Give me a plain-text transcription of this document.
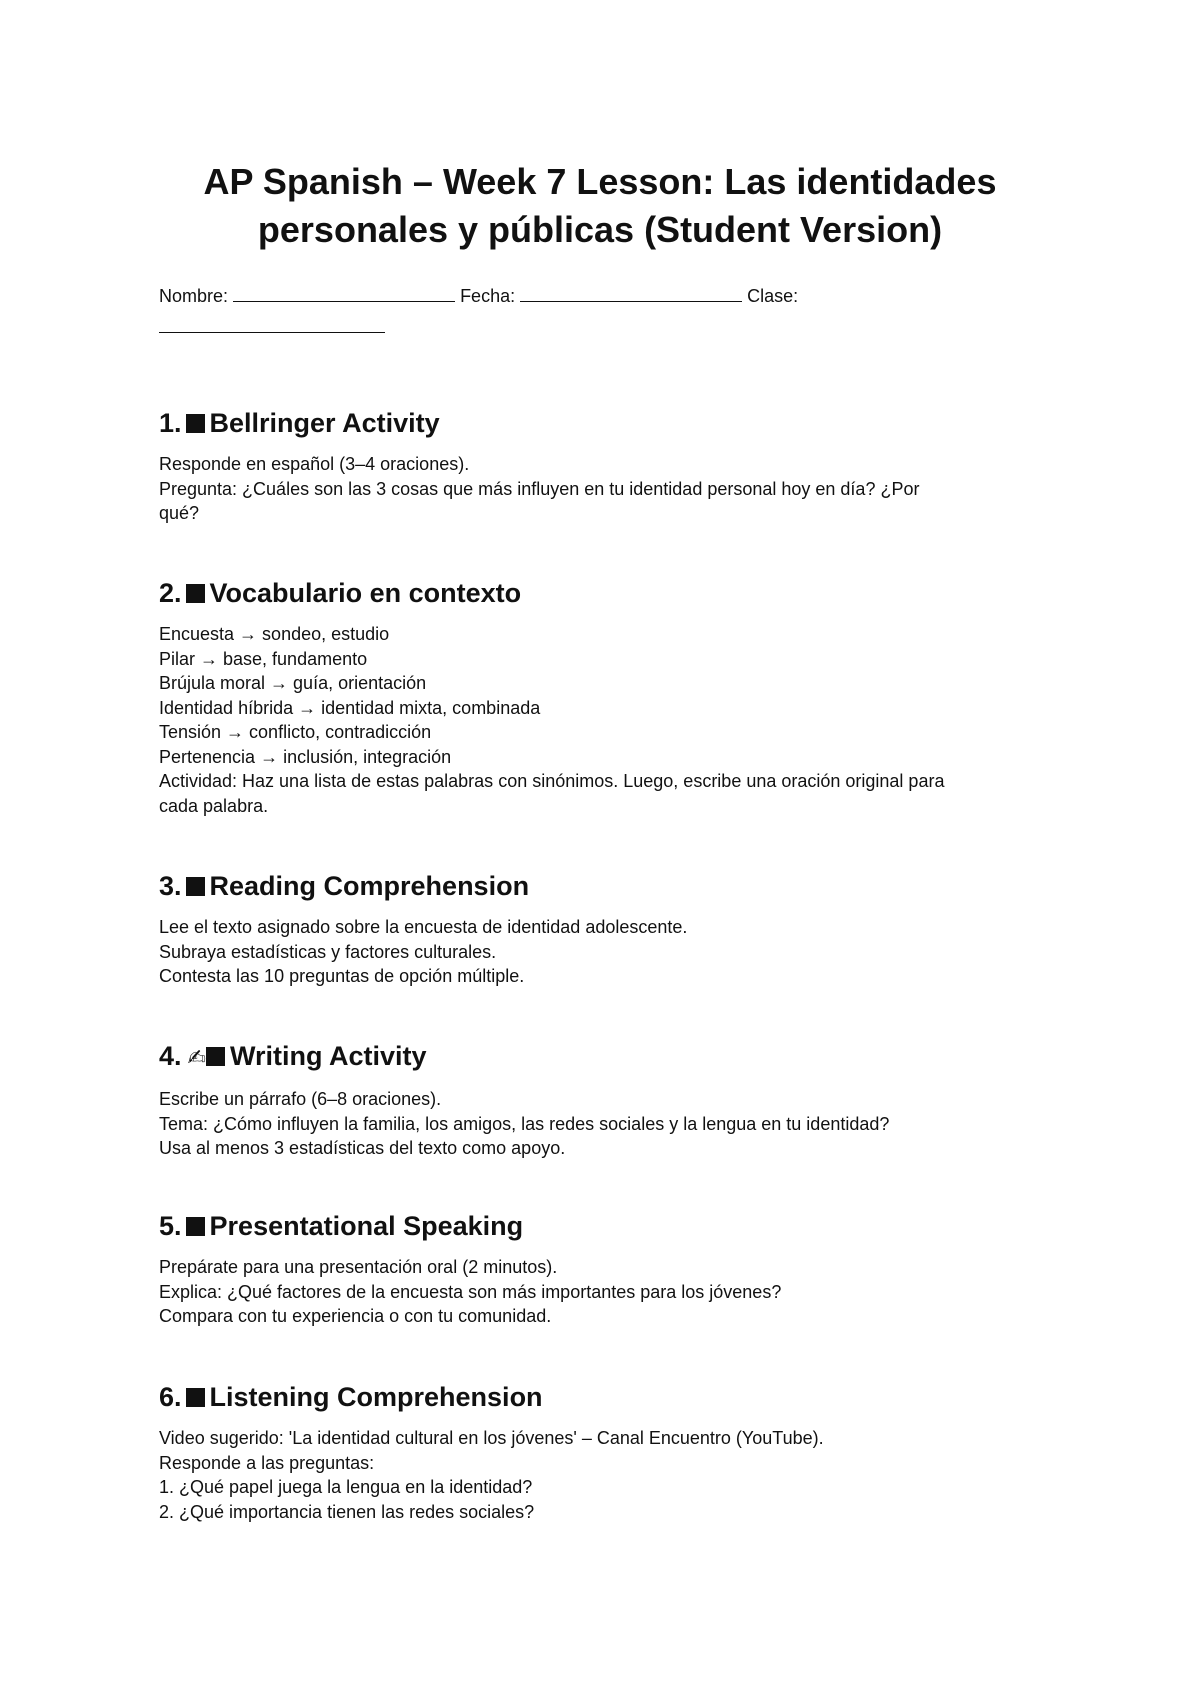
AP Spanish – Week 7 Lesson: Las identidades
personales y públicas (Student Version)
Nombre:	Fecha:	Clase:
1. Bellringer Activity

Responde en español (3–4 oraciones).

Pregunta: ¿Cuáles son las 3 cosas que más influyen en tu identidad personal hoy en día? ¿Por

qué?

2. Vocabulario en contexto

Encuesta → sondeo, estudio

Pilar → base, fundamento

Brújula moral → guía, orientación

Identidad híbrida → identidad mixta, combinada

Tensión → conflicto, contradicción

Pertenencia → inclusión, integración

Actividad: Haz una lista de estas palabras con sinónimos. Luego, escribe una oración original para

cada palabra.

3. Reading Comprehension

Lee el texto asignado sobre la encuesta de identidad adolescente.

Subraya estadísticas y factores culturales.

Contesta las 10 preguntas de opción múltiple.

4. ✍ Writing Activity

Escribe un párrafo (6–8 oraciones).

Tema: ¿Cómo influyen la familia, los amigos, las redes sociales y la lengua en tu identidad?

Usa al menos 3 estadísticas del texto como apoyo.

5. Presentational Speaking

Prepárate para una presentación oral (2 minutos).

Explica: ¿Qué factores de la encuesta son más importantes para los jóvenes?

Compara con tu experiencia o con tu comunidad.

6. Listening Comprehension

Video sugerido: 'La identidad cultural en los jóvenes' – Canal Encuentro (YouTube).

Responde a las preguntas:

1. ¿Qué papel juega la lengua en la identidad?

2. ¿Qué importancia tienen las redes sociales?
